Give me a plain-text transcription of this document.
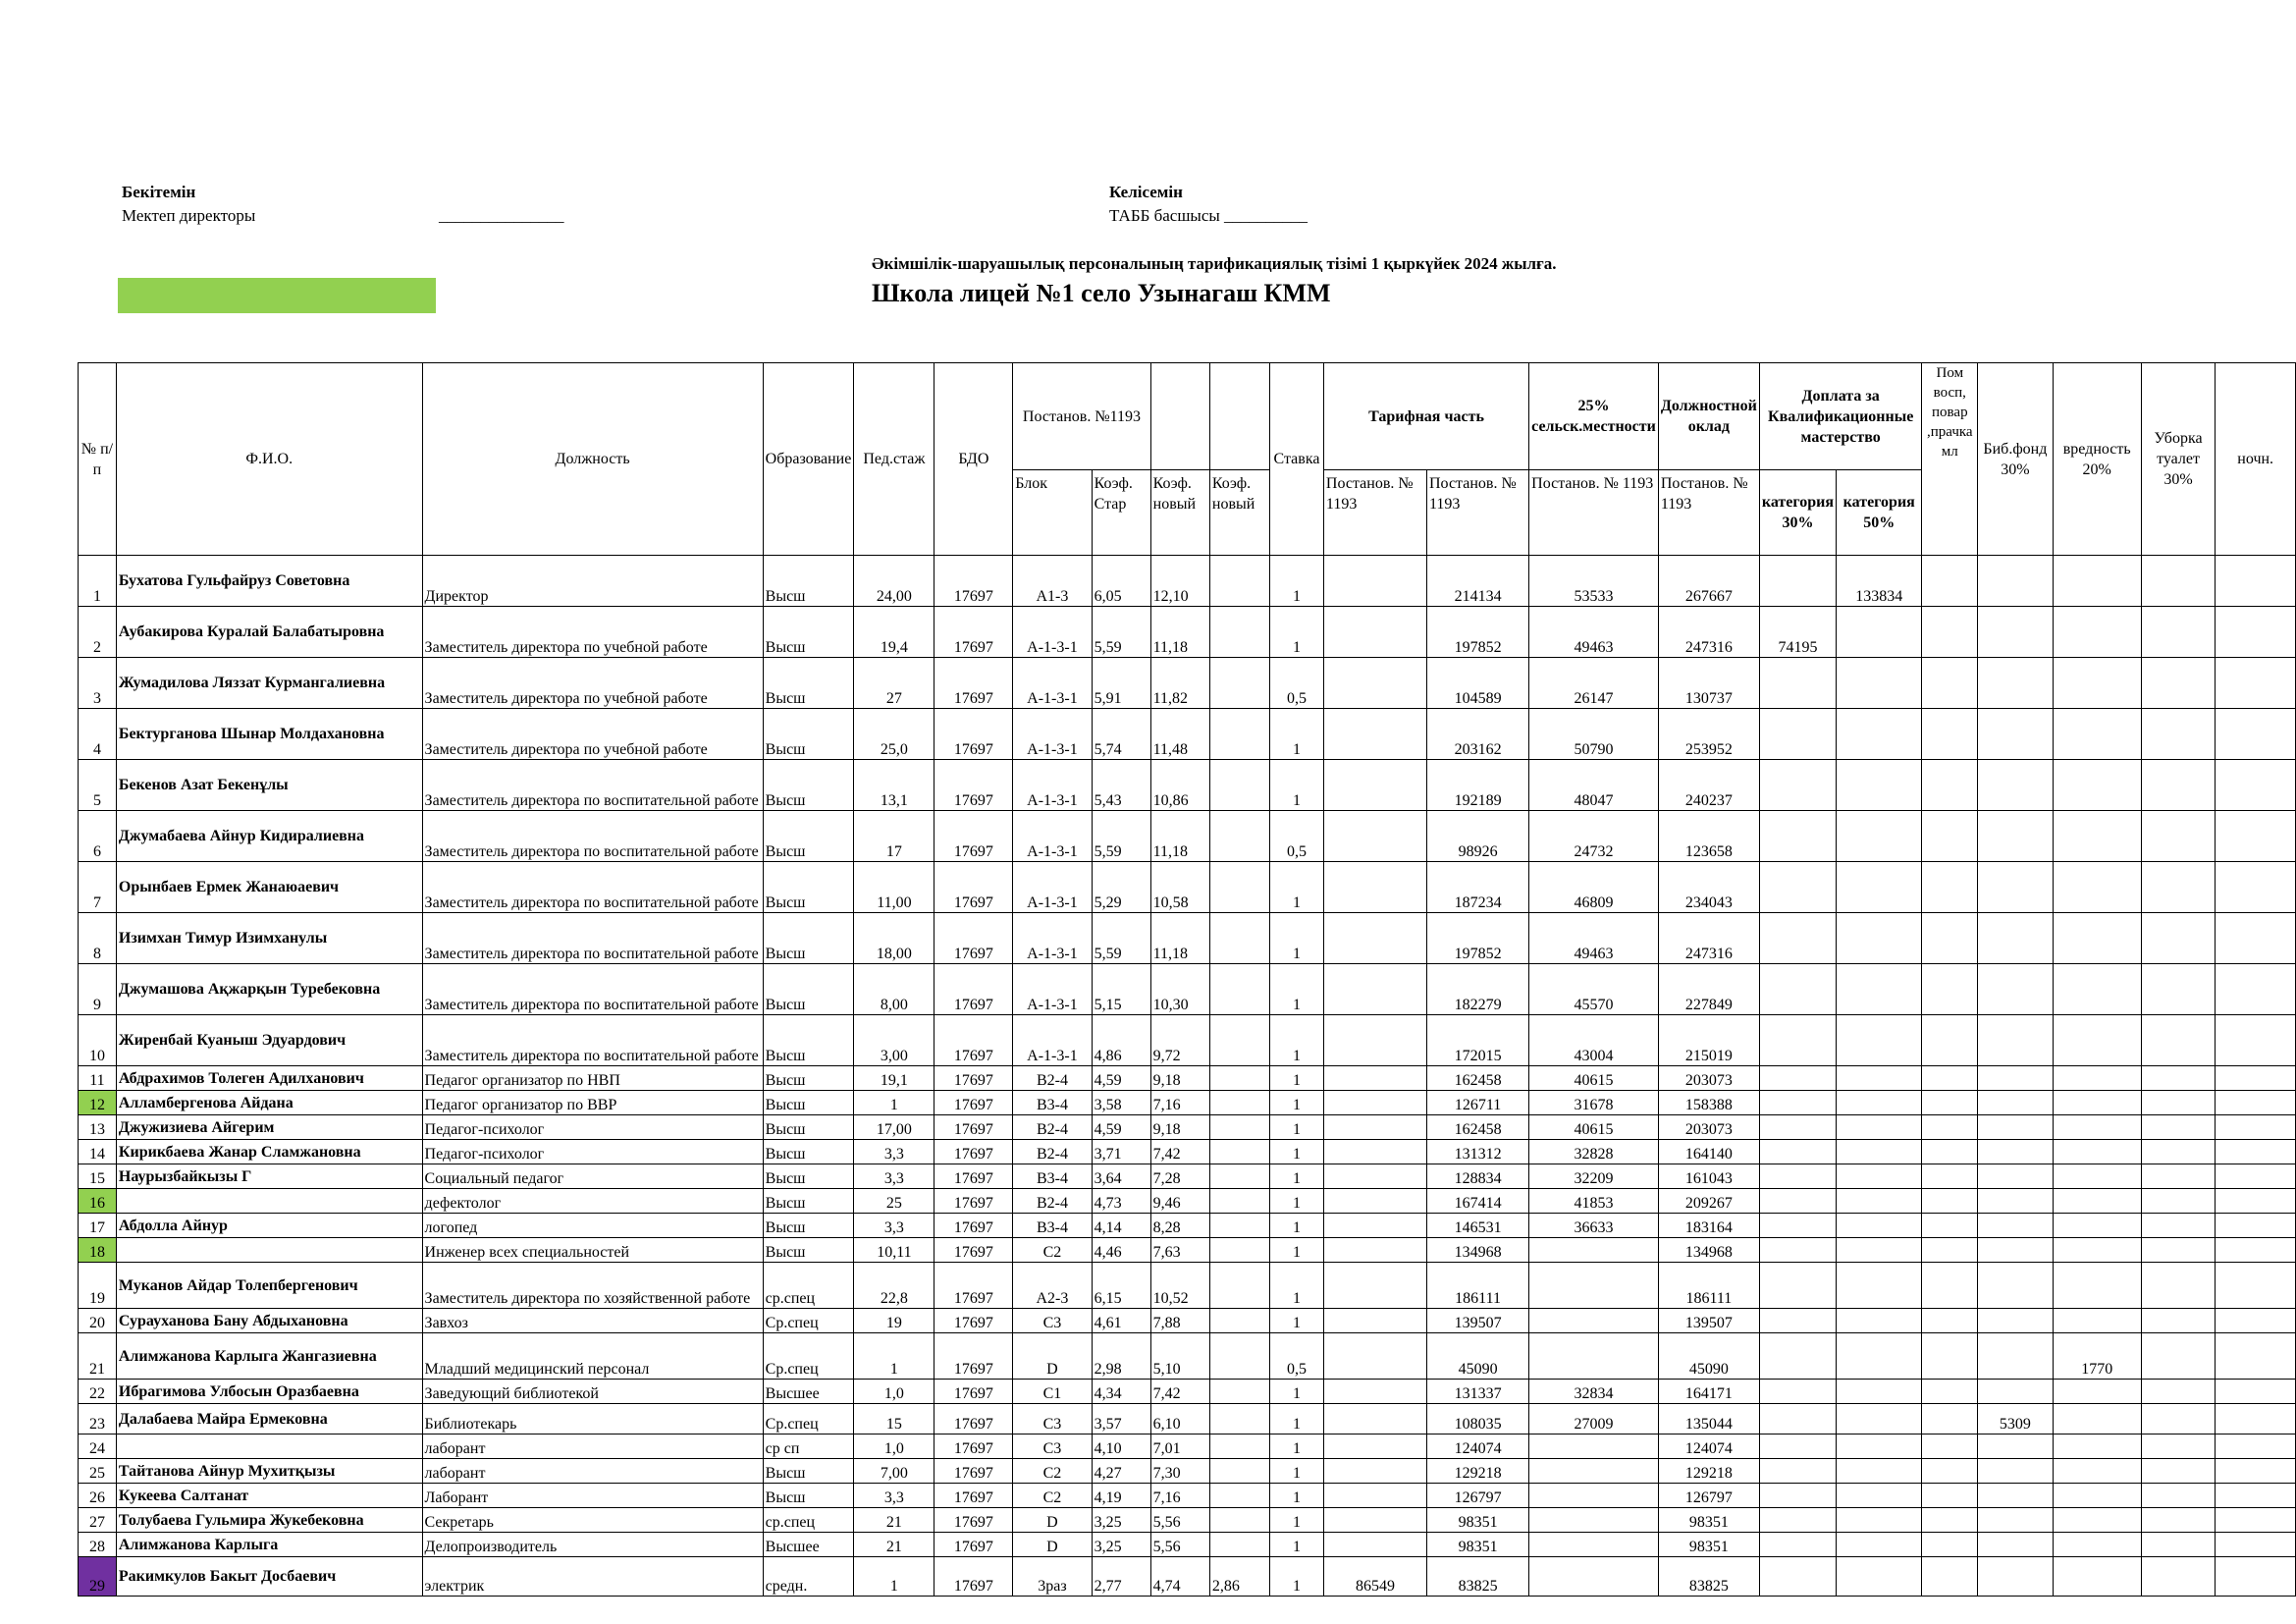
Бекітемін
Мектеп директоры	_______________
Келісемін
ТАББ басшысы __________
Әкімшілік-шаруашылық персоналының тарификациялық тізімі 1 қыркүйек 2024 жылға.
Школа лицей №1 село Узынагаш КММ
№ п/п	Ф.И.О.	Должность	Образование	Пед.стаж	БДО	Постанов. №1193				Ставка	Тарифная часть		25% сельск.местности	Должностной оклад	Доплата за Квалификационные мастерство		Пом восп, повар ,прачка мл	Биб.фонд 30%	вредность 20%	Уборка туалет 30%	ночн.
						Блок	Коэф. Стар	Коэф. новый	Коэф. новый		Постанов. № 1193	Постанов. № 1193	Постанов. № 1193	Постанов. № 1193	категория 30%	категория 50%					
1	Бухатова Гульфайруз Советовна	Директор	Высш	24,00	17697	А1-3	6,05	12,10		1		214134	53533	267667		133834					
2	Аубакирова Куралай Балабатыровна	Заместитель директора по учебной работе	Высш	19,4	17697	А-1-3-1	5,59	11,18		1		197852	49463	247316	74195						
3	Жумадилова Ляззат Курмангалиевна	Заместитель директора по учебной работе	Высш	27	17697	А-1-3-1	5,91	11,82		0,5		104589	26147	130737							
4	Бектурганова Шынар Молдахановна	Заместитель директора по учебной работе	Высш	25,0	17697	А-1-3-1	5,74	11,48		1		203162	50790	253952							
5	Бекенов Азат Бекенұлы	Заместитель директора по воспитательной работе	Высш	13,1	17697	А-1-3-1	5,43	10,86		1		192189	48047	240237							
6	Джумабаева Айнур Кидиралиевна	Заместитель директора по воспитательной работе	Высш	17	17697	А-1-3-1	5,59	11,18		0,5		98926	24732	123658							
7	Орынбаев Ермек Жанаюаевич	Заместитель директора по воспитательной работе	Высш	11,00	17697	А-1-3-1	5,29	10,58		1		187234	46809	234043							
8	Изимхан Тимур Изимханулы	Заместитель директора по воспитательной работе	Высш	18,00	17697	А-1-3-1	5,59	11,18		1		197852	49463	247316							
9	Джумашова Ақжарқын Туребековна	Заместитель директора по воспитательной работе	Высш	8,00	17697	А-1-3-1	5,15	10,30		1		182279	45570	227849							
10	Жиренбай Куаныш Эдуардович	Заместитель директора по воспитательной работе	Высш	3,00	17697	А-1-3-1	4,86	9,72		1		172015	43004	215019							
11	Абдрахимов Толеген Адилханович	Педагог организатор по НВП	Высш	19,1	17697	В2-4	4,59	9,18		1		162458	40615	203073							
12	Алламбергенова Айдана	Педагог организатор по ВВР	Высш	1	17697	В3-4	3,58	7,16		1		126711	31678	158388							
13	Джужизиева Айгерим	Педагог-психолог	Высш	17,00	17697	В2-4	4,59	9,18		1		162458	40615	203073							
14	Кирикбаева Жанар Сламжановна	Педагог-психолог	Высш	3,3	17697	В2-4	3,71	7,42		1		131312	32828	164140							
15	Наурызбайкызы Г	Социальный педагог	Высш	3,3	17697	В3-4	3,64	7,28		1		128834	32209	161043							
16		дефектолог	Высш	25	17697	В2-4	4,73	9,46		1		167414	41853	209267							
17	Абдолла Айнур	логопед	Высш	3,3	17697	В3-4	4,14	8,28		1		146531	36633	183164							
18		Инженер всех специальностей	Высш	10,11	17697	С2	4,46	7,63		1		134968		134968							
19	Муканов Айдар Толепбергенович	Заместитель директора по хозяйственной работе	ср.спец	22,8	17697	А2-3	6,15	10,52		1		186111		186111							
20	Сурауханова Бану Абдыхановна	Завхоз	Ср.спец	19	17697	С3	4,61	7,88		1		139507		139507							
21	Алимжанова Карлыга Жангазиевна	Младший медицинский персонал	Ср.спец	1	17697	D	2,98	5,10		0,5		45090		45090					1770		
22	Ибрагимова Улбосын Оразбаевна	Заведующий библиотекой	Высшее	1,0	17697	С1	4,34	7,42		1		131337	32834	164171							
23	Далабаева Майра Ермековна	Библиотекарь	Ср.спец	15	17697	С3	3,57	6,10		1		108035	27009	135044				5309			
24		лаборант	ср сп	1,0	17697	С3	4,10	7,01		1		124074		124074							
25	Тайтанова Айнур Мухитқызы	лаборант	Высш	7,00	17697	С2	4,27	7,30		1		129218		129218							
26	Кукеева Салтанат	Лаборант	Высш	3,3	17697	С2	4,19	7,16		1		126797		126797							
27	Толубаева Гульмира Жукебековна	Секретарь	ср.спец	21	17697	D	3,25	5,56		1		98351		98351							
28	Алимжанова Карлыга	Делопроизводитель	Высшее	21	17697	D	3,25	5,56		1		98351		98351							
29	Ракимкулов Бакыт Досбаевич	электрик	средн.	1	17697	3раз	2,77	4,74	2,86	1	86549	83825		83825							
